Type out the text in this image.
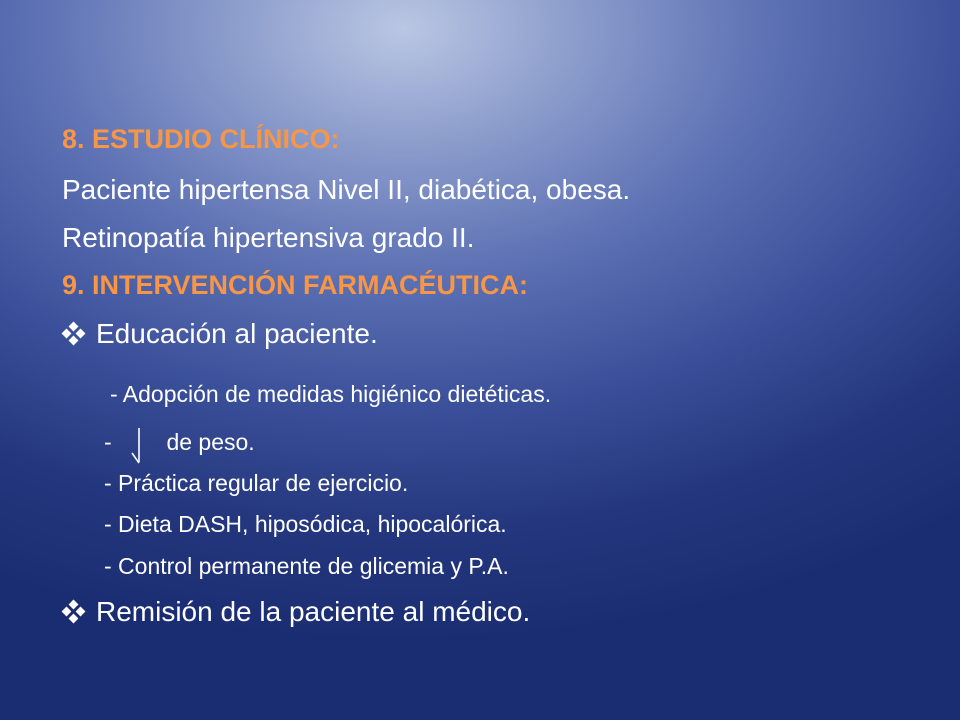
8. ESTUDIO CLÍNICO:
Paciente hipertensa Nivel II, diabética, obesa.
Retinopatía hipertensiva grado II.
9. INTERVENCIÓN FARMACÉUTICA:
Educación al paciente.
- Adopción de medidas higiénico dietéticas.
- de peso.
- Práctica regular de ejercicio.
- Dieta DASH, hiposódica, hipocalórica.
- Control permanente de glicemia y P.A.
Remisión de la paciente al médico.
